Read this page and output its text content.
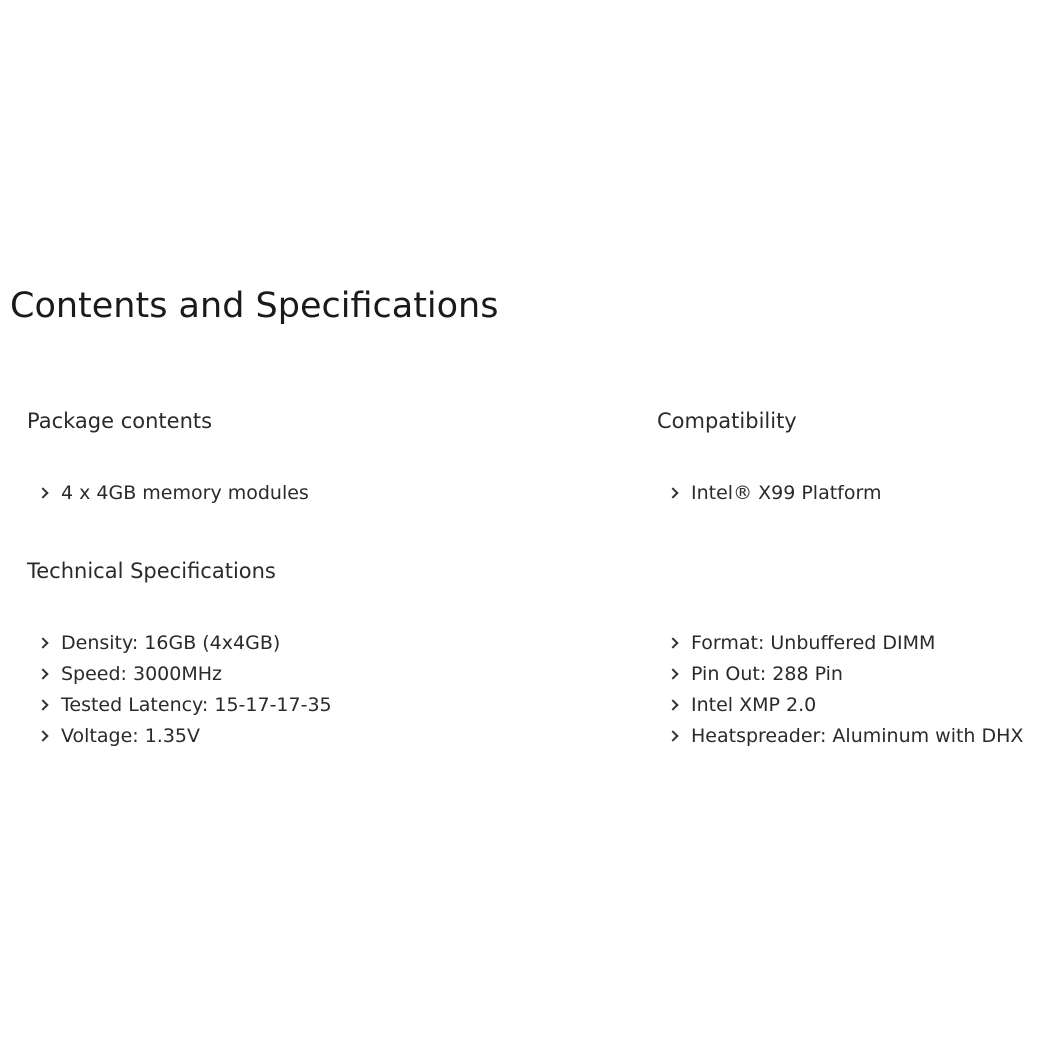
Contents and Specifications
Package contents
4 x 4GB memory modules
Compatibility
Intel® X99 Platform
Technical Specifications
Density: 16GB (4x4GB)
Speed: 3000MHz
Tested Latency: 15-17-17-35
Voltage: 1.35V
Format: Unbuffered DIMM
Pin Out: 288 Pin
Intel XMP 2.0
Heatspreader: Aluminum with DHX
